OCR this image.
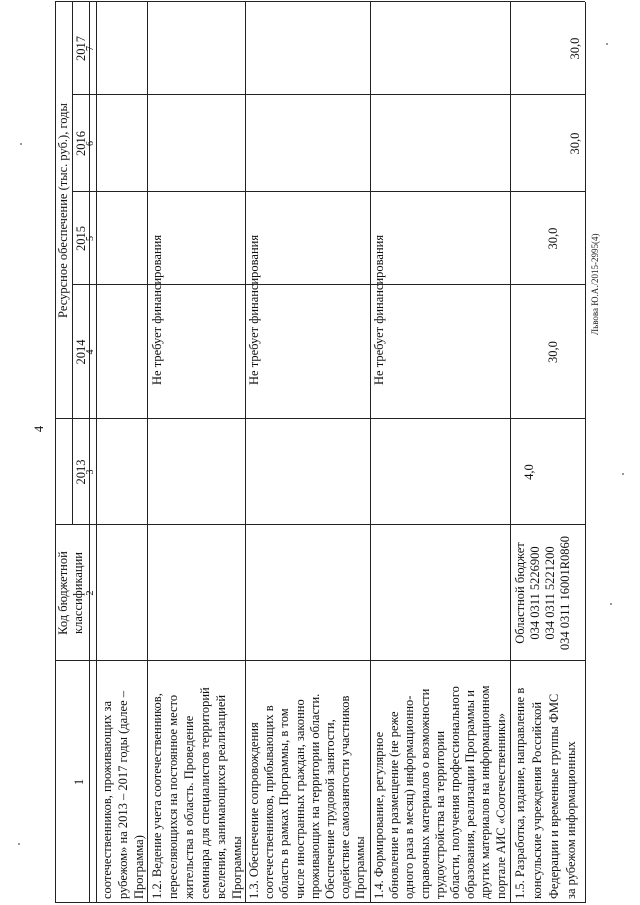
4
1
Код бюджетной классификации
Ресурсное обеспечение (тыс. руб.), годы
2013
2014
2015
2016
2017
2
3
4
5
6
7
соотечественников, проживающих за рубежом» на 2013 – 2017 годы (далее – Программа) 1.2. Ведение учета соотечественников, переселяющихся на постоянное место жительства в область. Проведение семинара для специалистов территорий вселения, занимающихся реализацией Программы
Не требует финансирования
1.3. Обеспечение сопровождения соотечественников, прибывающих в область в рамках Программы, в том числе иностранных граждан, законно проживающих на территории области. Обеспечение трудовой занятости, содействие самозанятости участников Программы
Не требует финансирования
1.4. Формирование, регулярное обновление и размещение (не реже одного раза в месяц) информационно- справочных материалов о возможности трудоустройства на территории области, получения профессионального образования, реализации Программы и других материалов на информационном портале АИС «Соотечественники»
Не требует финансирования
1.5. Разработка, издание, направление в консульские учреждения Российской Федерации и временные группы ФМС за рубежом информационных
Областной бюджет 034 0311 5226900 034 0311 5221200 034 0311 16001R0860
4,0
30,0
30,0
30,0
30,0
Львова Ю.А./2015-2995(4)
